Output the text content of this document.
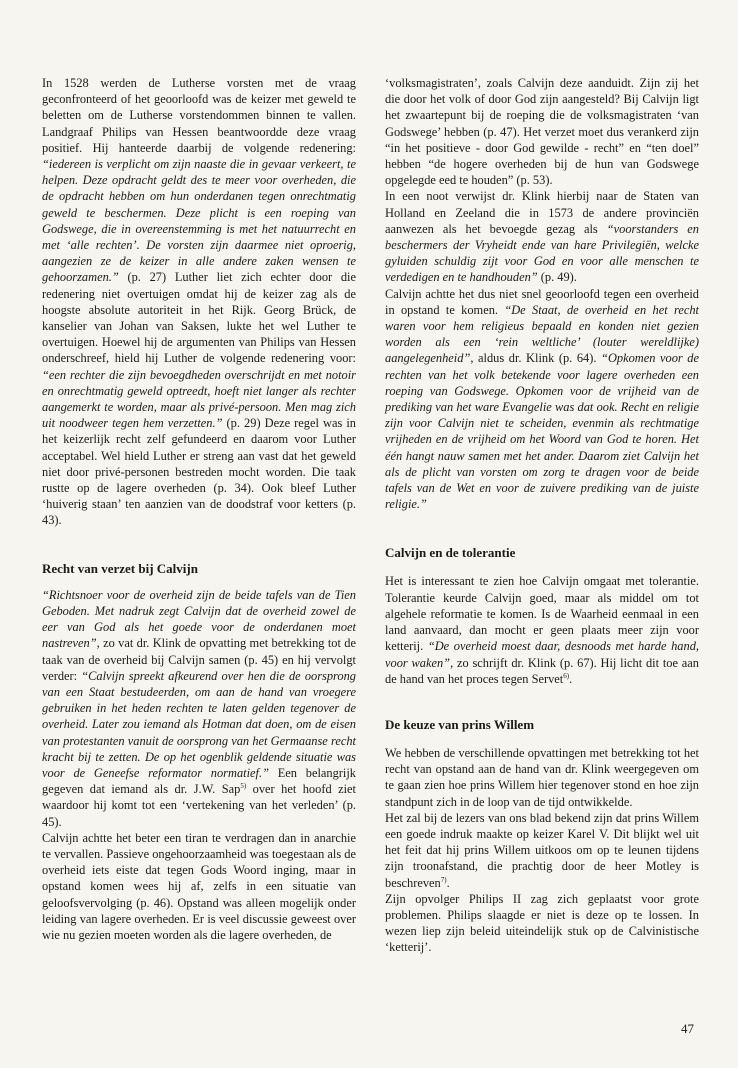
In 1528 werden de Lutherse vorsten met de vraag geconfronteerd of het geoorloofd was de keizer met geweld te beletten om de Lutherse vorstendommen binnen te vallen. Landgraaf Philips van Hessen beantwoordde deze vraag positief. Hij hanteerde daarbij de volgende redenering: “iedereen is verplicht om zijn naaste die in gevaar verkeert, te helpen. Deze opdracht geldt des te meer voor overheden, die de opdracht hebben om hun onderdanen tegen onrechtmatig geweld te beschermen. Deze plicht is een roeping van Godswege, die in overeenstemming is met het natuurrecht en met ‘alle rechten’. De vorsten zijn daarmee niet oproerig, aangezien ze de keizer in alle andere zaken wensen te gehoorzamen.” (p. 27) Luther liet zich echter door die redenering niet overtuigen omdat hij de keizer zag als de hoogste absolute autoriteit in het Rijk. Georg Brück, de kanselier van Johan van Saksen, lukte het wel Luther te overtuigen. Hoewel hij de argumenten van Philips van Hessen onderschreef, hield hij Luther de volgende redenering voor: “een rechter die zijn bevoegdheden overschrijdt en met notoir en onrechtmatig geweld optreedt, hoeft niet langer als rechter aangemerkt te worden, maar als privé-persoon. Men mag zich uit noodweer tegen hem verzetten.” (p. 29) Deze regel was in het keizerlijk recht zelf gefundeerd en daarom voor Luther acceptabel. Wel hield Luther er streng aan vast dat het geweld niet door privé-personen bestreden mocht worden. Die taak rustte op de lagere overheden (p. 34). Ook bleef Luther ‘huiverig staan’ ten aanzien van de doodstraf voor ketters (p. 43).

Recht van verzet bij Calvijn

“Richtsnoer voor de overheid zijn de beide tafels van de Tien Geboden. Met nadruk zegt Calvijn dat de overheid zowel de eer van God als het goede voor de onderdanen moet nastreven”, zo vat dr. Klink de opvatting met betrekking tot de taak van de overheid bij Calvijn samen (p. 45) en hij vervolgt verder: “Calvijn spreekt afkeurend over hen die de oorsprong van een Staat bestudeerden, om aan de hand van vroegere gebruiken in het heden rechten te laten gelden tegenover de overheid. Later zou iemand als Hotman dat doen, om de eisen van protestanten vanuit de oorsprong van het Germaanse recht kracht bij te zetten. De op het ogenblik geldende situatie was voor de Geneefse reformator normatief.” Een belangrijk gegeven dat iemand als dr. J.W. Sap$^{5)}$ over het hoofd ziet waardoor hij komt tot een ‘vertekening van het verleden’ (p. 45).

Calvijn achtte het beter een tiran te verdragen dan in anarchie te vervallen. Passieve ongehoorzaamheid was toegestaan als de overheid iets eiste dat tegen Gods Woord inging, maar in opstand komen wees hij af, zelfs in een situatie van geloofsvervolging (p. 46). Opstand was alleen mogelijk onder leiding van lagere overheden. Er is veel discussie geweest over wie nu gezien moeten worden als die lagere overheden, de

‘volksmagistraten’, zoals Calvijn deze aanduidt. Zijn zij het die door het volk of door God zijn aangesteld? Bij Calvijn ligt het zwaartepunt bij de roeping die de volksmagistraten ‘van Godswege’ hebben (p. 47). Het verzet moet dus verankerd zijn “in het positieve - door God gewilde - recht” en “ten doel” hebben “de hogere overheden bij de hun van Godswege opgelegde eed te houden” (p. 53).

In een noot verwijst dr. Klink hierbij naar de Staten van Holland en Zeeland die in 1573 de andere provinciën aanwezen als het bevoegde gezag als “voorstanders en beschermers der Vryheidt ende van hare Privilegiën, welcke gyluiden schuldig zijt voor God en voor alle menschen te verdedigen en te handhouden” (p. 49).

Calvijn achtte het dus niet snel geoorloofd tegen een overheid in opstand te komen. “De Staat, de overheid en het recht waren voor hem religieus bepaald en konden niet gezien worden als een ‘rein weltliche’ (louter wereldlijke) aangelegenheid”, aldus dr. Klink (p. 64). “Opkomen voor de rechten van het volk betekende voor lagere overheden een roeping van Godswege. Opkomen voor de vrijheid van de prediking van het ware Evangelie was dat ook. Recht en religie zijn voor Calvijn niet te scheiden, evenmin als rechtmatige vrijheden en de vrijheid om het Woord van God te horen. Het één hangt nauw samen met het ander. Daarom ziet Calvijn het als de plicht van vorsten om zorg te dragen voor de beide tafels van de Wet en voor de zuivere prediking van de juiste religie.”

Calvijn en de tolerantie

Het is interessant te zien hoe Calvijn omgaat met tolerantie. Tolerantie keurde Calvijn goed, maar als middel om tot algehele reformatie te komen. Is de Waarheid eenmaal in een land aanvaard, dan mocht er geen plaats meer zijn voor ketterij. “De overheid moest daar, desnoods met harde hand, voor waken”, zo schrijft dr. Klink (p. 67). Hij licht dit toe aan de hand van het proces tegen Servet$^{6)}$.

De keuze van prins Willem

We hebben de verschillende opvattingen met betrekking tot het recht van opstand aan de hand van dr. Klink weergegeven om te gaan zien hoe prins Willem hier tegenover stond en hoe zijn standpunt zich in de loop van de tijd ontwikkelde.

Het zal bij de lezers van ons blad bekend zijn dat prins Willem een goede indruk maakte op keizer Karel V. Dit blijkt wel uit het feit dat hij prins Willem uitkoos om op te leunen tijdens zijn troonafstand, die prachtig door de heer Motley is beschreven$^{7)}$.

Zijn opvolger Philips II zag zich geplaatst voor grote problemen. Philips slaagde er niet is deze op te lossen. In wezen liep zijn beleid uiteindelijk stuk op de Calvinistische ‘ketterij’.

47
